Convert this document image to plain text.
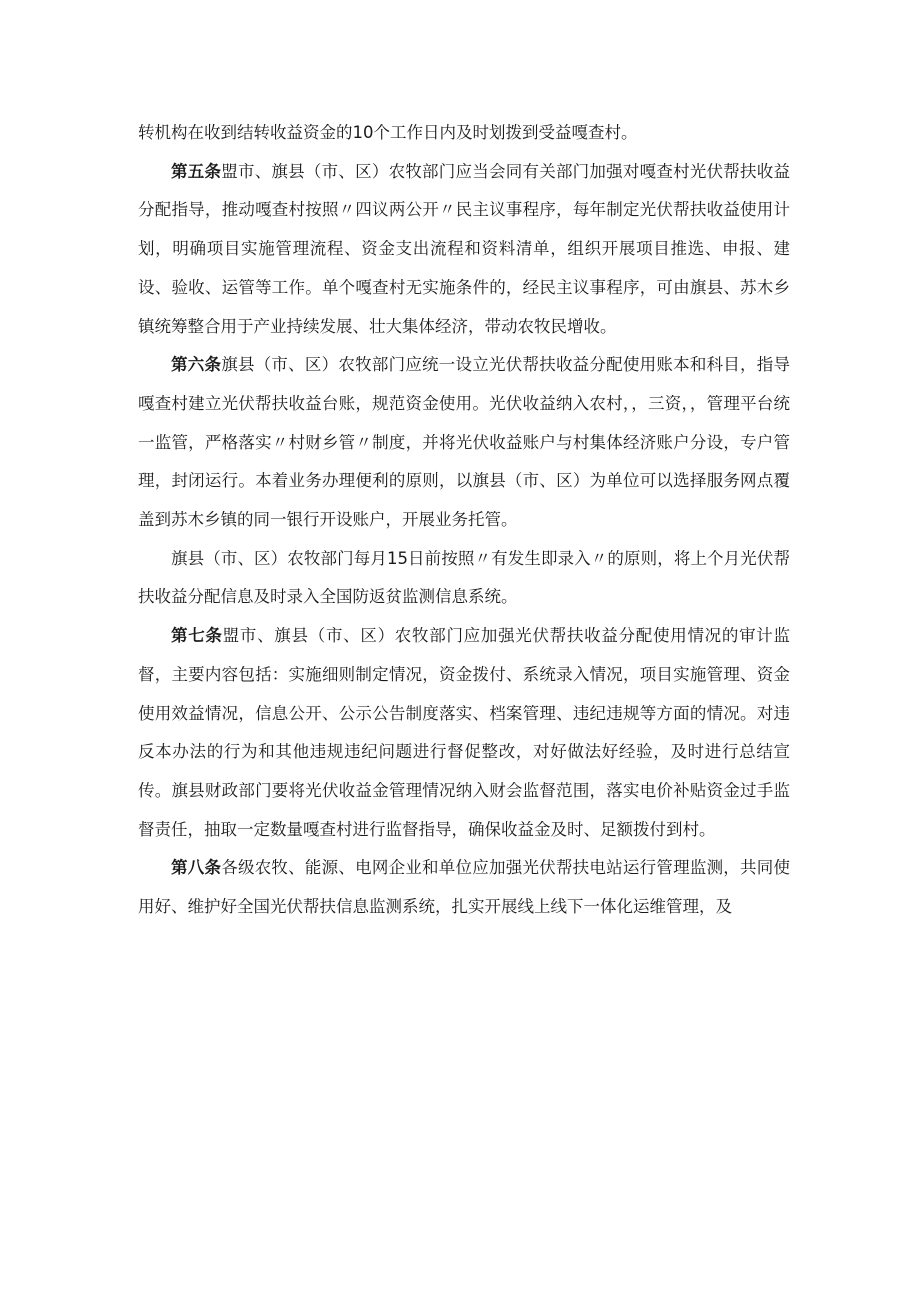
转机构在收到结转收益资金的10个工作日内及时划拨到受益嘎查村。

第五条盟市、旗县（市、区）农牧部门应当会同有关部门加强对嘎查村光伏帮扶收益分配指导，推动嘎查村按照〃四议两公开〃民主议事程序，每年制定光伏帮扶收益使用计划，明确项目实施管理流程、资金支出流程和资料清单，组织开展项目推选、申报、建设、验收、运管等工作。单个嘎查村无实施条件的，经民主议事程序，可由旗县、苏木乡镇统筹整合用于产业持续发展、壮大集体经济，带动农牧民增收。

第六条旗县（市、区）农牧部门应统一设立光伏帮扶收益分配使用账本和科目，指导嘎查村建立光伏帮扶收益台账，规范资金使用。光伏收益纳入农村，，三资，，管理平台统一监管，严格落实〃村财乡管〃制度，并将光伏收益账户与村集体经济账户分设，专户管理，封闭运行。本着业务办理便利的原则，以旗县（市、区）为单位可以选择服务网点覆盖到苏木乡镇的同一银行开设账户，开展业务托管。

旗县（市、区）农牧部门每月15日前按照〃有发生即录入〃的原则，将上个月光伏帮扶收益分配信息及时录入全国防返贫监测信息系统。

第七条盟市、旗县（市、区）农牧部门应加强光伏帮扶收益分配使用情况的审计监督，主要内容包括：实施细则制定情况，资金拨付、系统录入情况，项目实施管理、资金使用效益情况，信息公开、公示公告制度落实、档案管理、违纪违规等方面的情况。对违反本办法的行为和其他违规违纪问题进行督促整改，对好做法好经验，及时进行总结宣传。旗县财政部门要将光伏收益金管理情况纳入财会监督范围，落实电价补贴资金过手监督责任，抽取一定数量嘎查村进行监督指导，确保收益金及时、足额拨付到村。

第八条各级农牧、能源、电网企业和单位应加强光伏帮扶电站运行管理监测，共同使用好、维护好全国光伏帮扶信息监测系统，扎实开展线上线下一体化运维管理，及
